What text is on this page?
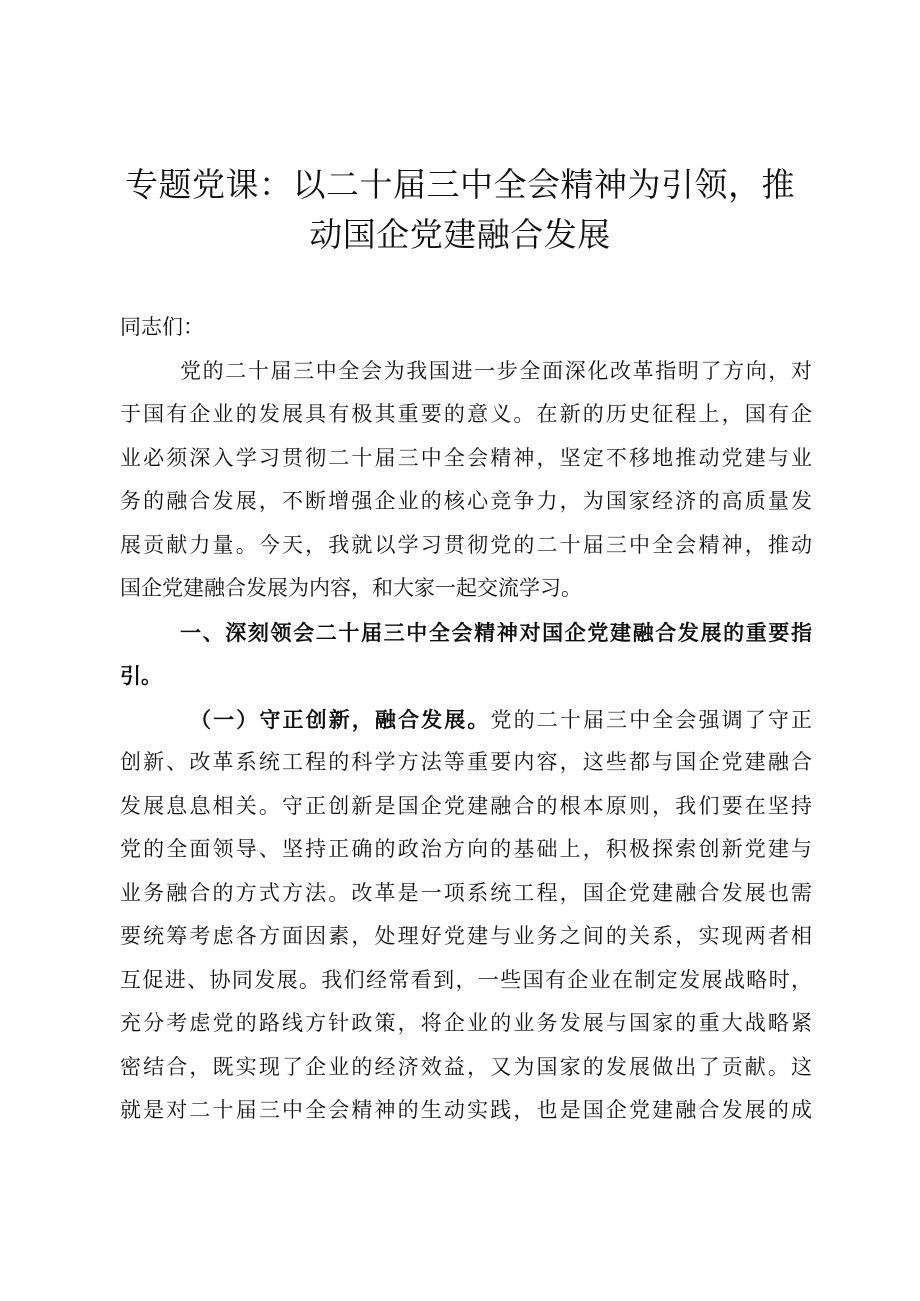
专题党课：以二十届三中全会精神为引领，推
动国企党建融合发展
同志们：
党的二十届三中全会为我国进一步全面深化改革指明了方向，对
于国有企业的发展具有极其重要的意义。在新的历史征程上，国有企
业必须深入学习贯彻二十届三中全会精神，坚定不移地推动党建与业
务的融合发展，不断增强企业的核心竞争力，为国家经济的高质量发
展贡献力量。今天，我就以学习贯彻党的二十届三中全会精神，推动
国企党建融合发展为内容，和大家一起交流学习。
一、深刻领会二十届三中全会精神对国企党建融合发展的重要指
引。
（一）守正创新，融合发展。党的二十届三中全会强调了守正
创新、改革系统工程的科学方法等重要内容，这些都与国企党建融合
发展息息相关。守正创新是国企党建融合的根本原则，我们要在坚持
党的全面领导、坚持正确的政治方向的基础上，积极探索创新党建与
业务融合的方式方法。改革是一项系统工程，国企党建融合发展也需
要统筹考虑各方面因素，处理好党建与业务之间的关系，实现两者相
互促进、协同发展。我们经常看到，一些国有企业在制定发展战略时，
充分考虑党的路线方针政策，将企业的业务发展与国家的重大战略紧
密结合，既实现了企业的经济效益，又为国家的发展做出了贡献。这
就是对二十届三中全会精神的生动实践，也是国企党建融合发展的成
